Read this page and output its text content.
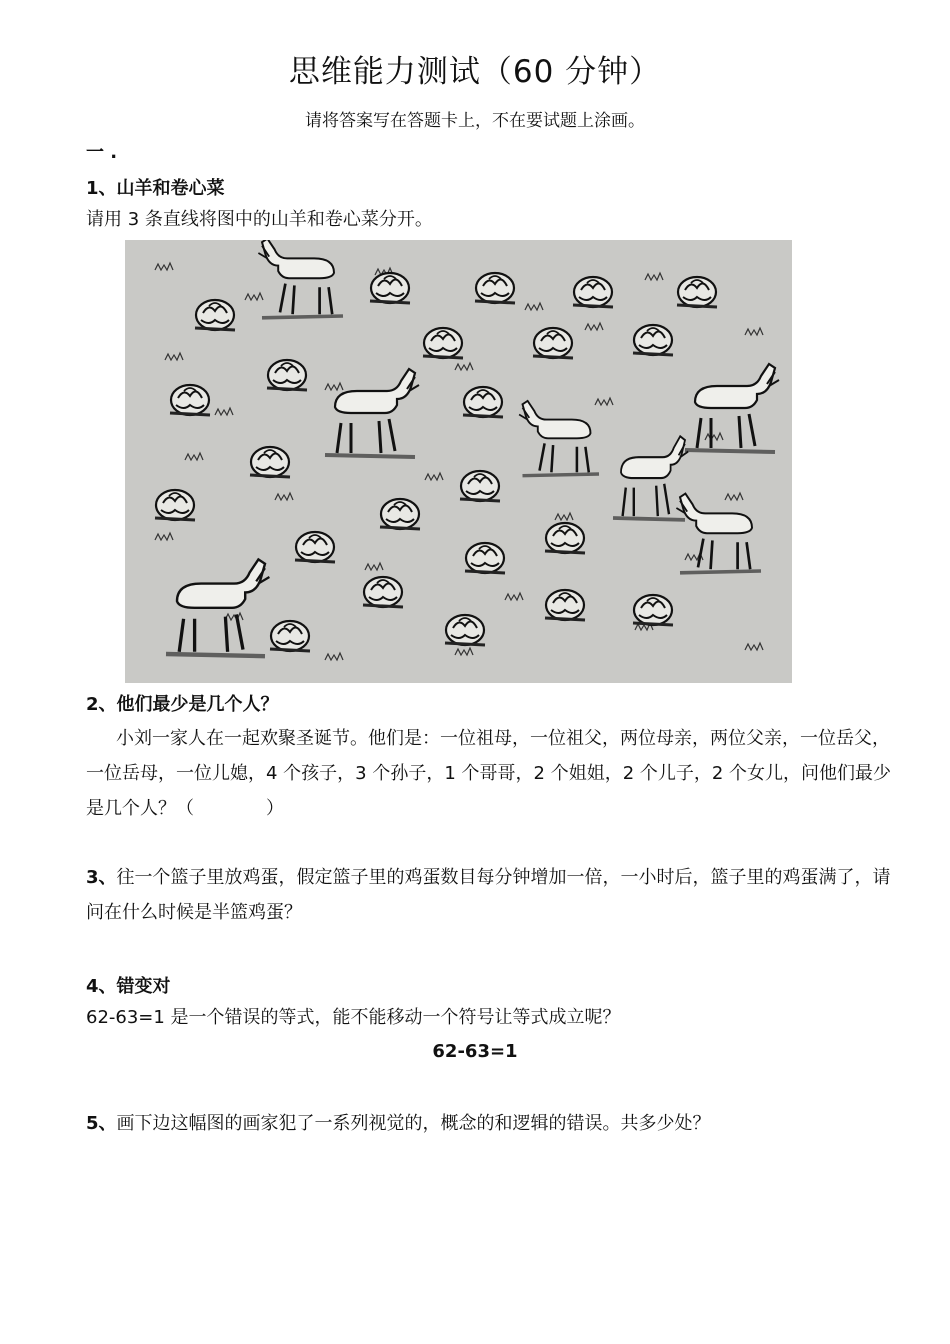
思维能力测试（60 分钟）
请将答案写在答题卡上，不在要试题上涂画。
一 .
1、山羊和卷心菜
请用 3 条直线将图中的山羊和卷心菜分开。
2、他们最少是几个人？
小刘一家人在一起欢聚圣诞节。他们是：一位祖母，一位祖父，两位母亲，两位父亲，一位岳父，一位岳母，一位儿媳，4 个孩子，3 个孙子，1 个哥哥，2 个姐姐，2 个儿子，2 个女儿，问他们最少是几个人？（　　　　）
3、往一个篮子里放鸡蛋，假定篮子里的鸡蛋数目每分钟增加一倍，一小时后，篮子里的鸡蛋满了，请问在什么时候是半篮鸡蛋？
4、错变对
62-63=1 是一个错误的等式，能不能移动一个符号让等式成立呢？
62-63=1
5、画下边这幅图的画家犯了一系列视觉的，概念的和逻辑的错误。共多少处？
